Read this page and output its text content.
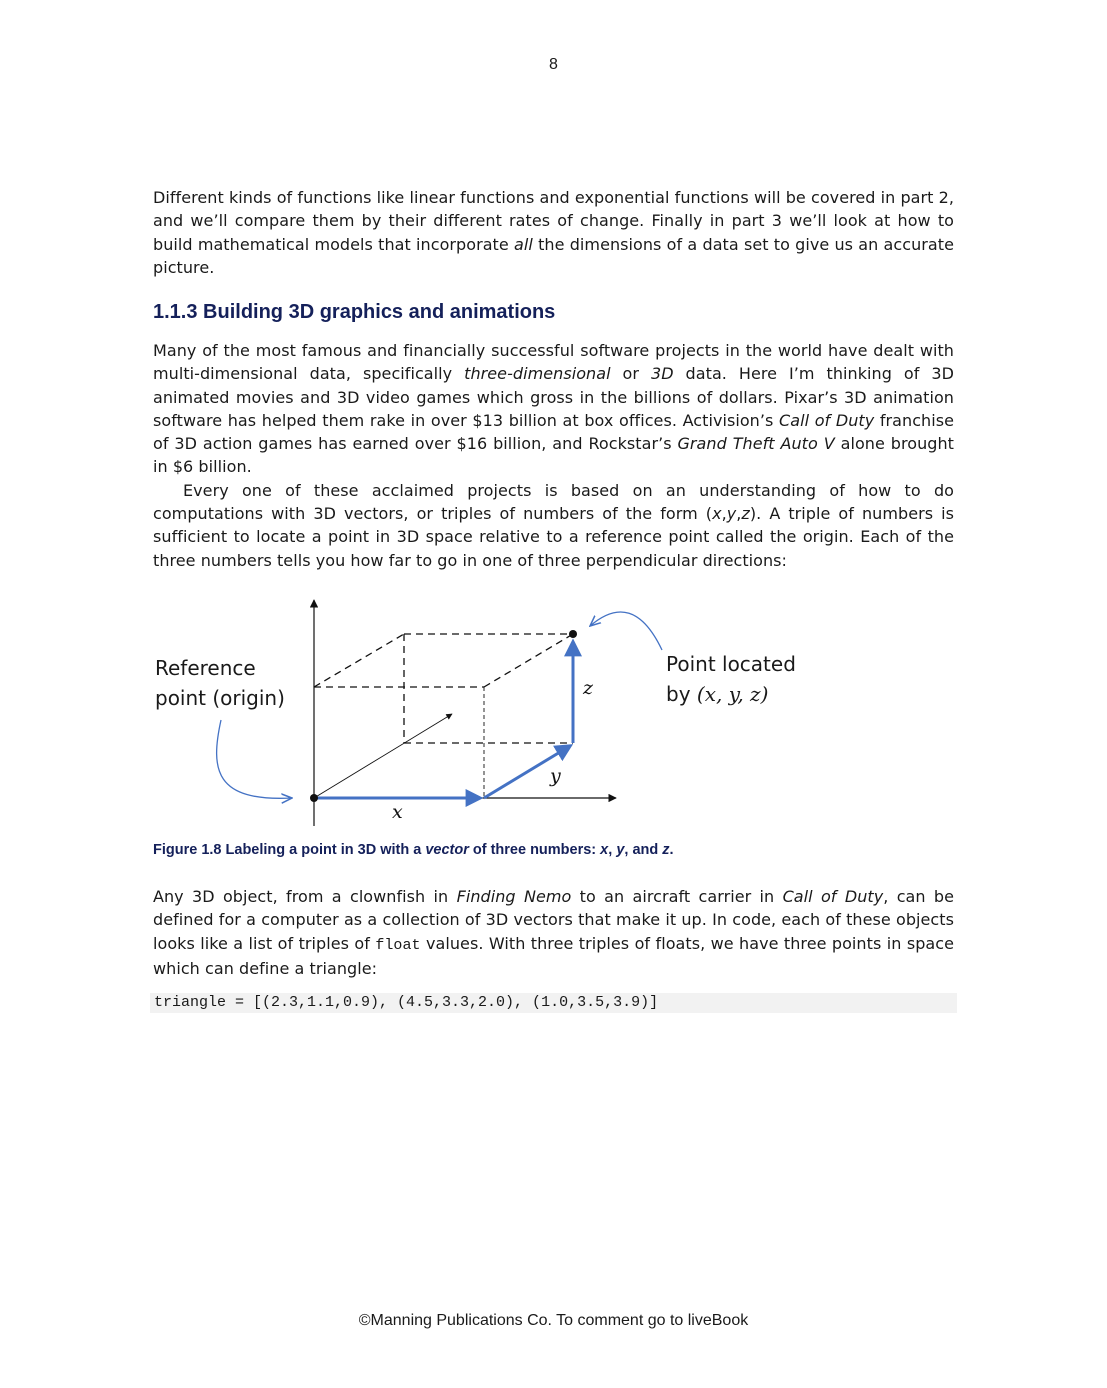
8

Different kinds of functions like linear functions and exponential functions will be covered in part 2, and we’ll compare them by their different rates of change. Finally in part 3 we’ll look at how to build mathematical models that incorporate all the dimensions of a data set to give us an accurate picture.

1.1.3 Building 3D graphics and animations

Many of the most famous and financially successful software projects in the world have dealt with multi-dimensional data, specifically three-dimensional or 3D data. Here I’m thinking of 3D animated movies and 3D video games which gross in the billions of dollars. Pixar’s 3D animation software has helped them rake in over $13 billion at box offices. Activision’s Call of Duty franchise of 3D action games has earned over $16 billion, and Rockstar’s Grand Theft Auto V alone brought in $6 billion.

Every one of these acclaimed projects is based on an understanding of how to do computations with 3D vectors, or triples of numbers of the form (x,y,z). A triple of numbers is sufficient to locate a point in 3D space relative to a reference point called the origin. Each of the three numbers tells you how far to go in one of three perpendicular directions:

x
y
z
Reference
point (origin)
Point located
by (x, y, z)
Figure 1.8 Labeling a point in 3D with a vector of three numbers: x, y, and z.

Any 3D object, from a clownfish in Finding Nemo to an aircraft carrier in Call of Duty, can be defined for a computer as a collection of 3D vectors that make it up. In code, each of these objects looks like a list of triples of float values. With three triples of floats, we have three points in space which can define a triangle:

triangle = [(2.3,1.1,0.9), (4.5,3.3,2.0), (1.0,3.5,3.9)]
©Manning Publications Co. To comment go to liveBook
